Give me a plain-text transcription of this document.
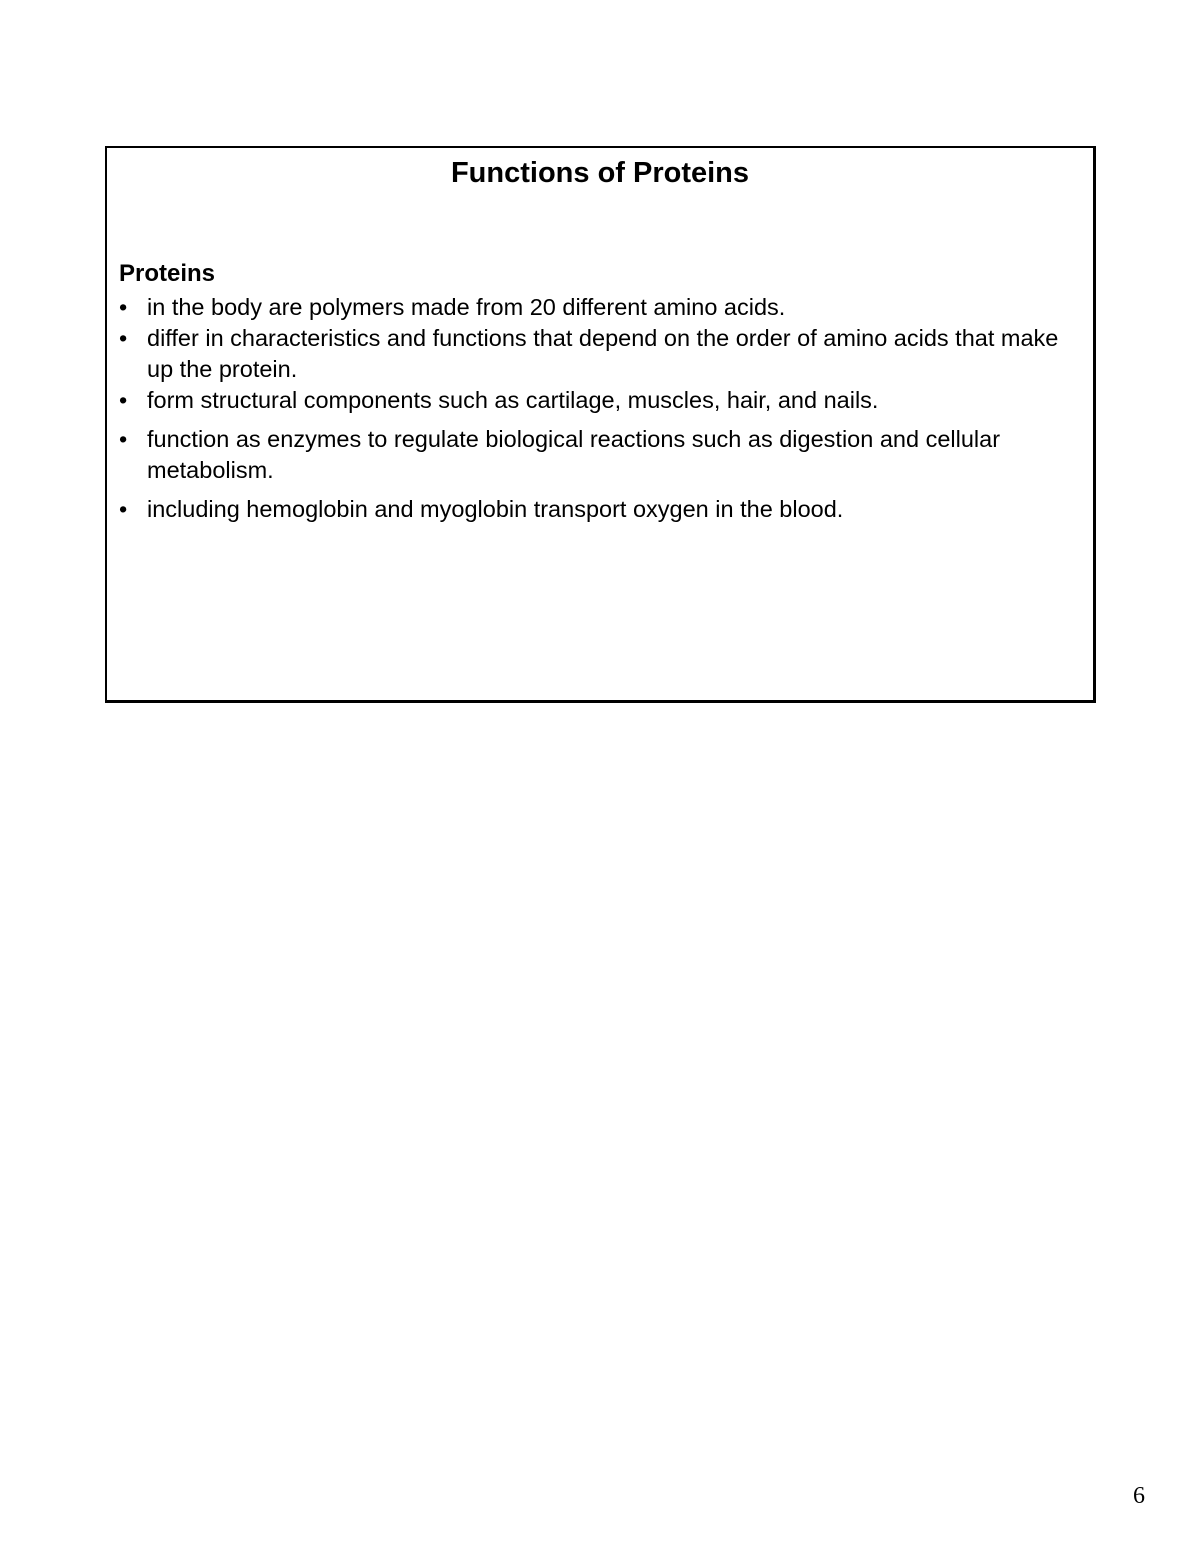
Functions of Proteins
Proteins
• in the body are polymers made from 20 different amino acids.
• differ in characteristics and functions that depend on the order of amino acids that make up the protein.
• form structural components such as cartilage, muscles, hair, and nails.
• function as enzymes to regulate biological reactions such as digestion and cellular metabolism.
• including hemoglobin and myoglobin transport oxygen in the blood.
6
